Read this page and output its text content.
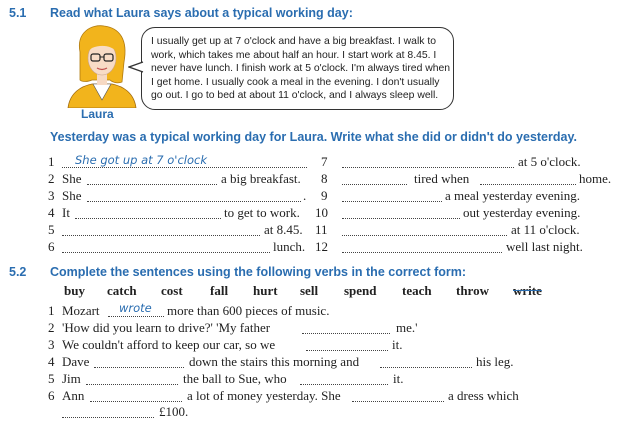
5.1 Read what Laura says about a typical working day:
Laura
I usually get up at 7 o'clock and have a big breakfast. I walk to
work, which takes me about half an hour. I start work at 8.45. I
never have lunch. I finish work at 5 o'clock. I'm always tired when
I get home. I usually cook a meal in the evening. I don't usually
go out. I go to bed at about 11 o'clock, and I always sleep well.
Yesterday was a typical working day for Laura. Write what she did or didn't do yesterday.
1 She got up at 7 o'clock
2 She	a big breakfast.
3 She	.
4 It	to get to work.
5	at 8.45.
6	lunch.
7	at 5 o'clock.
8	tired when	home.
9	a meal yesterday evening.
10	out yesterday evening.
11	at 11 o'clock.
12	well last night.
5.2 Complete the sentences using the following verbs in the correct form:
buy catch cost fall hurt sell spend teach throw write
1 Mozart wrote more than 600 pieces of music.
2 'How did you learn to drive?' 'My father	me.'
3 We couldn't afford to keep our car, so we	it.
4 Dave	down the stairs this morning and	his leg.
5 Jim	the ball to Sue, who	it.
6 Ann	a lot of money yesterday. She	a dress which
£100.
